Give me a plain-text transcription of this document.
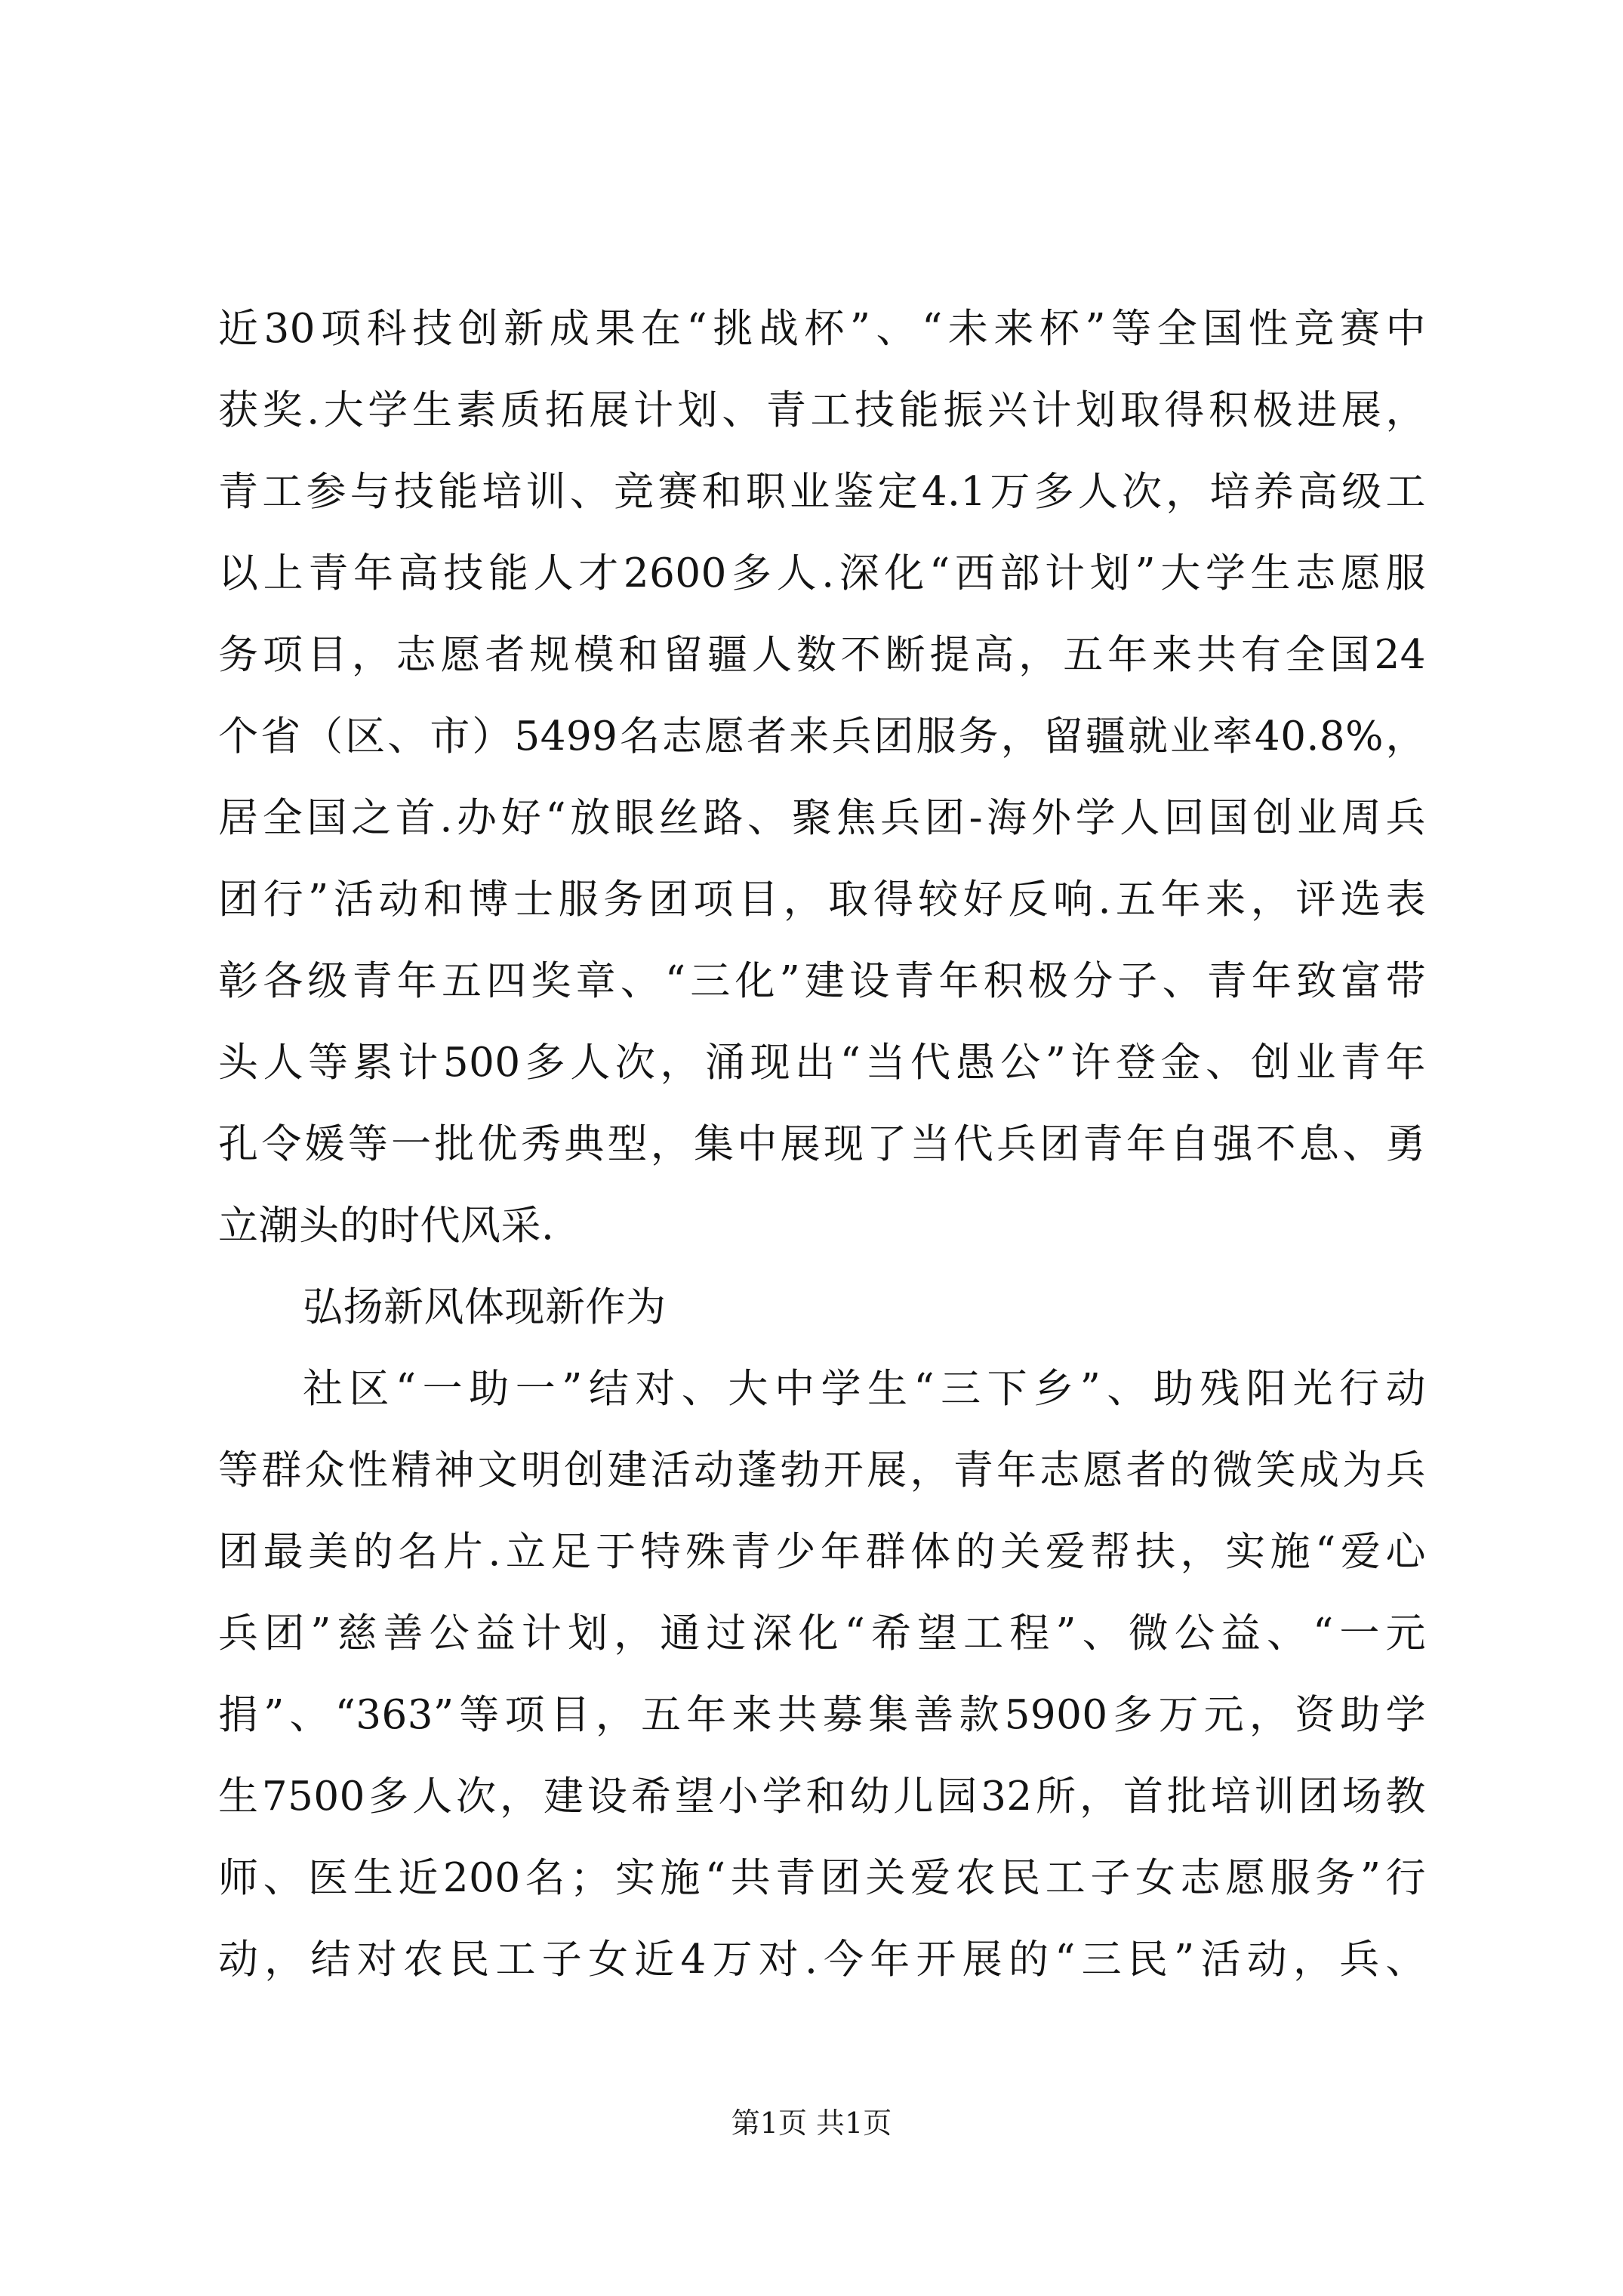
近30项科技创新成果在“挑战杯”、“未来杯”等全国性竞赛中
获奖.大学生素质拓展计划、青工技能振兴计划取得积极进展，
青工参与技能培训、竞赛和职业鉴定4.1万多人次，培养高级工
以上青年高技能人才2600多人.深化“西部计划”大学生志愿服
务项目，志愿者规模和留疆人数不断提高，五年来共有全国24
个省（区、市）5499名志愿者来兵团服务，留疆就业率40.8%，
居全国之首.办好“放眼丝路、聚焦兵团-海外学人回国创业周兵
团行”活动和博士服务团项目，取得较好反响.五年来，评选表
彰各级青年五四奖章、“三化”建设青年积极分子、青年致富带
头人等累计500多人次，涌现出“当代愚公”许登金、创业青年
孔令媛等一批优秀典型，集中展现了当代兵团青年自强不息、勇
立潮头的时代风采.
弘扬新风体现新作为
社区“一助一”结对、大中学生“三下乡”、助残阳光行动
等群众性精神文明创建活动蓬勃开展，青年志愿者的微笑成为兵
团最美的名片.立足于特殊青少年群体的关爱帮扶，实施“爱心
兵团”慈善公益计划，通过深化“希望工程”、微公益、“一元
捐”、“363”等项目，五年来共募集善款5900多万元，资助学
生7500多人次，建设希望小学和幼儿园32所，首批培训团场教
师、医生近200名；实施“共青团关爱农民工子女志愿服务”行
动，结对农民工子女近4万对.今年开展的“三民”活动，兵、
第1页 共1页
